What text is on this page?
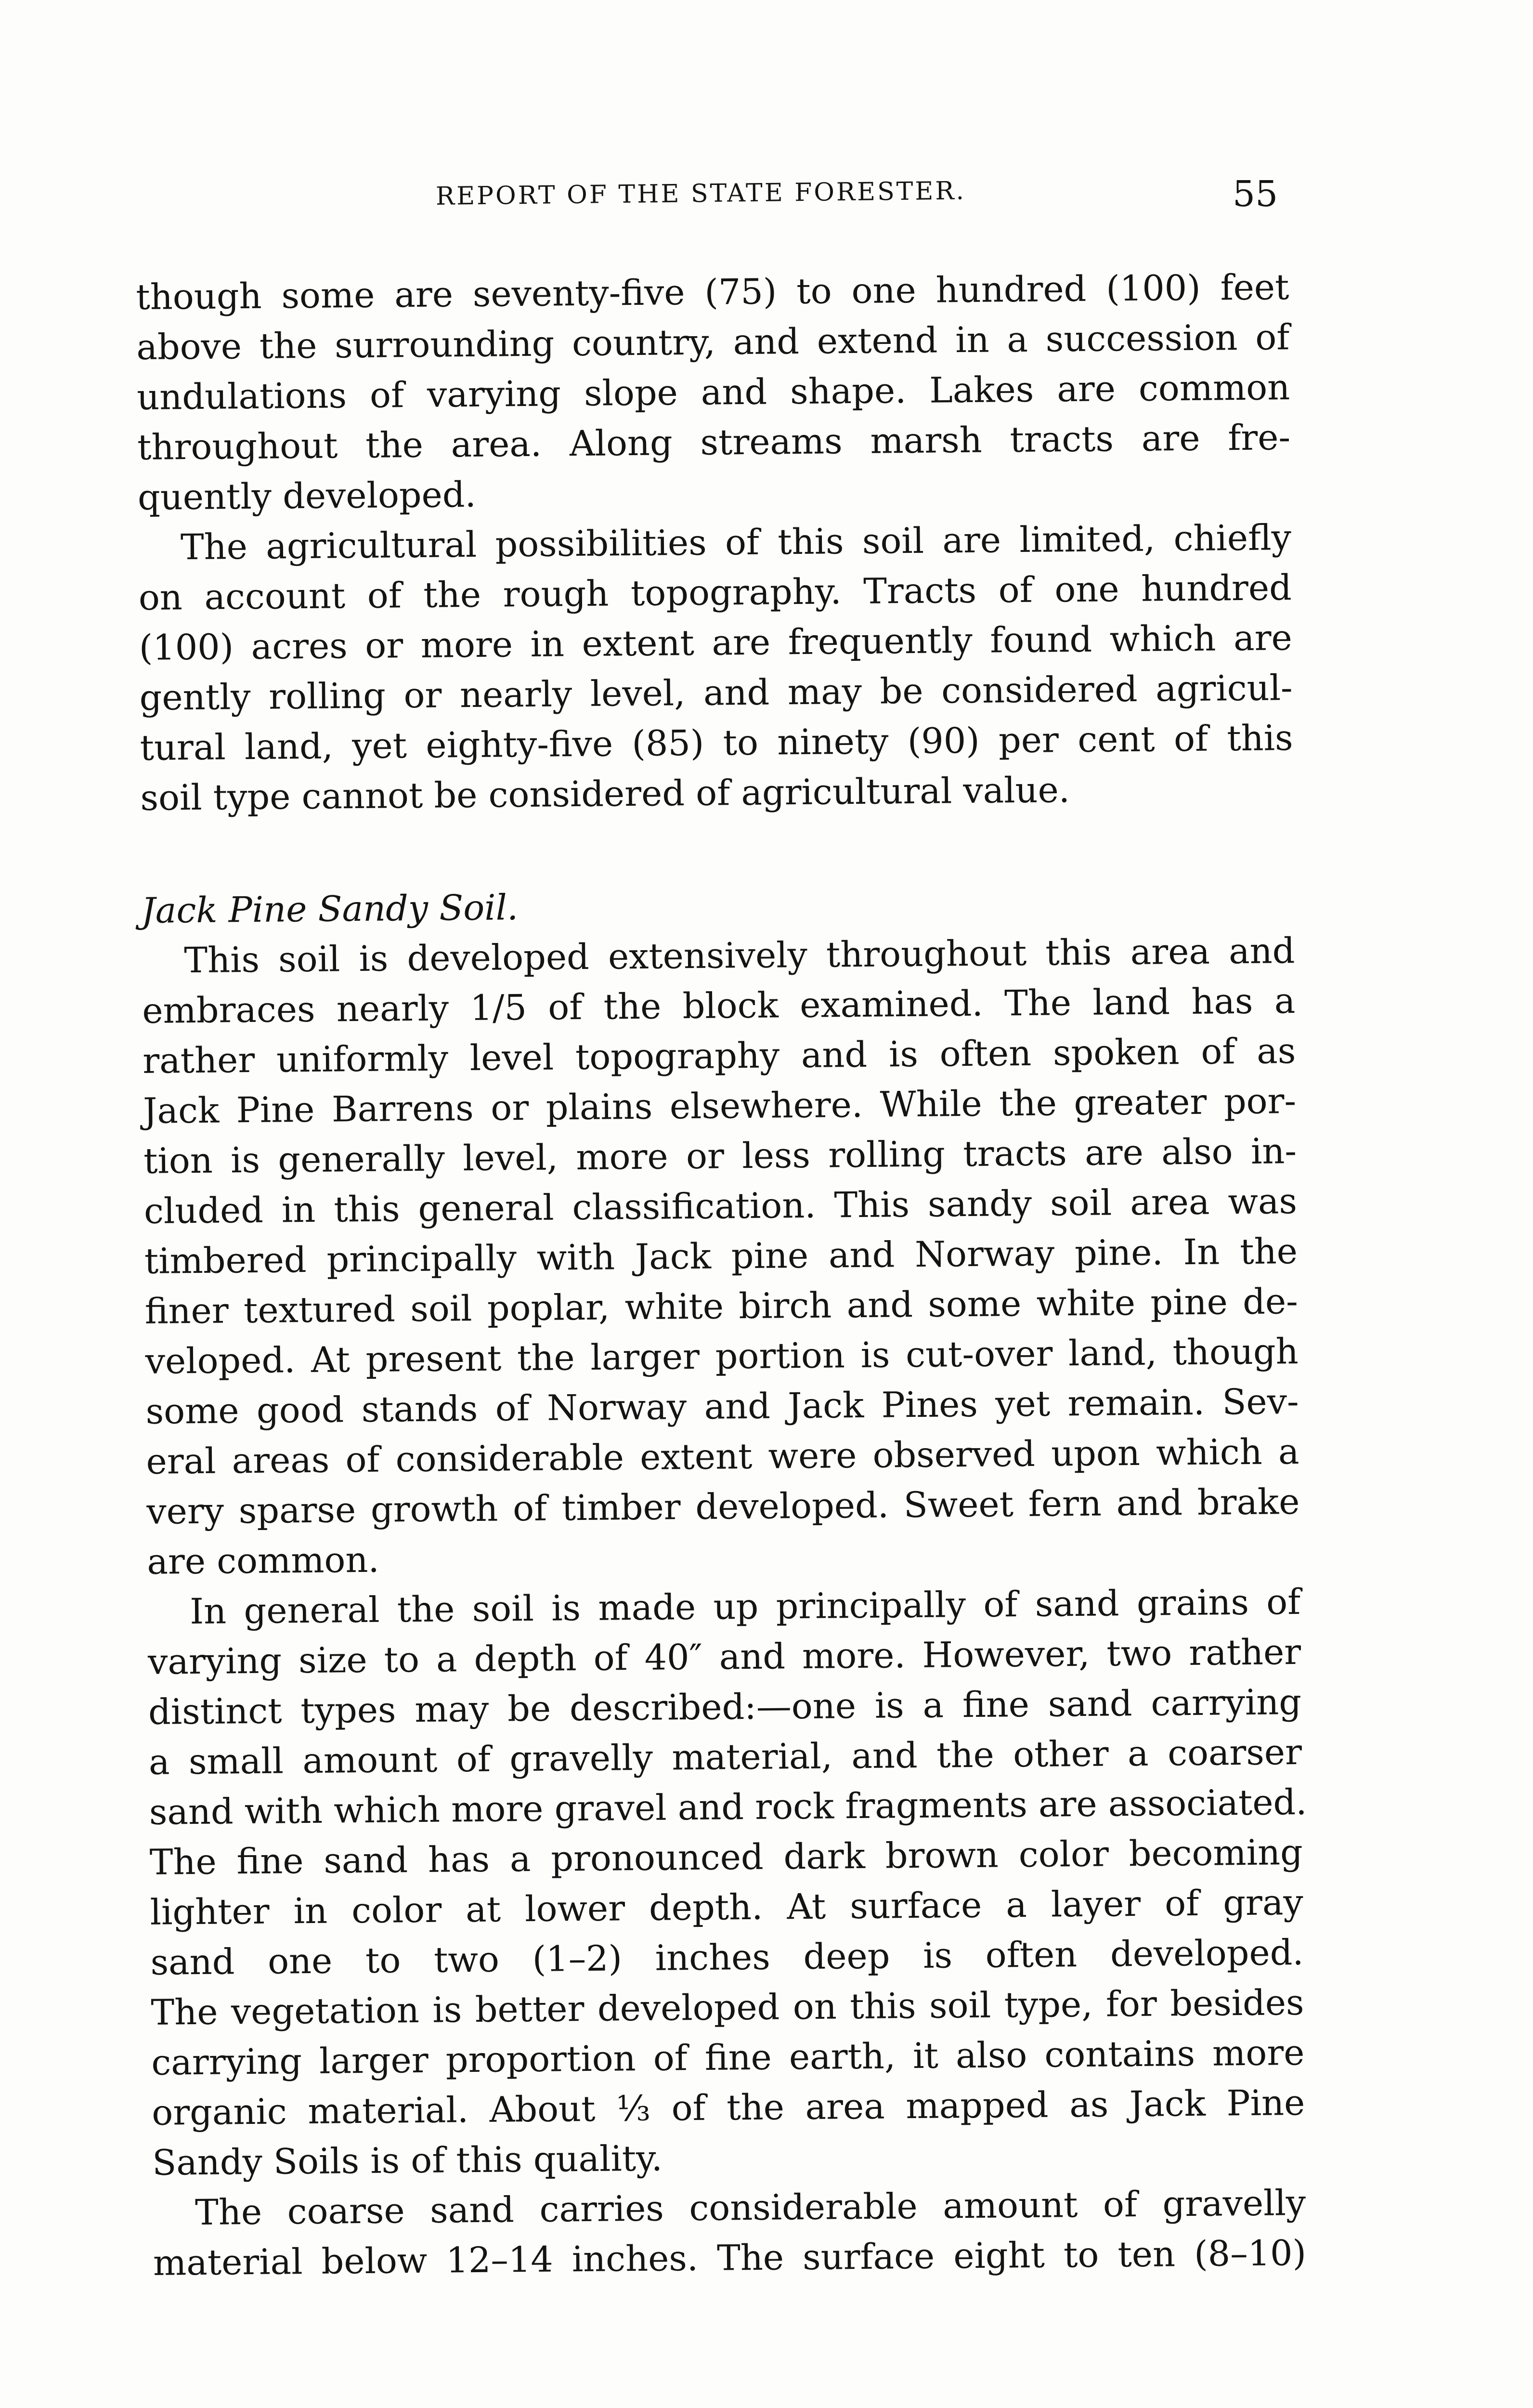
REPORT OF THE STATE FORESTER.	55
though some are seventy-five (75) to one hundred (100) feet
above the surrounding country, and extend in a succession of
undulations of varying slope and shape. Lakes are common
throughout the area. Along streams marsh tracts are fre-
quently developed.
The agricultural possibilities of this soil are limited, chiefly
on account of the rough topography. Tracts of one hundred
(100) acres or more in extent are frequently found which are
gently rolling or nearly level, and may be considered agricul-
tural land, yet eighty-five (85) to ninety (90) per cent of this
soil type cannot be considered of agricultural value.
Jack Pine Sandy Soil.
This soil is developed extensively throughout this area and
embraces nearly 1/5 of the block examined. The land has a
rather uniformly level topography and is often spoken of as
Jack Pine Barrens or plains elsewhere. While the greater por-
tion is generally level, more or less rolling tracts are also in-
cluded in this general classification. This sandy soil area was
timbered principally with Jack pine and Norway pine. In the
finer textured soil poplar, white birch and some white pine de-
veloped. At present the larger portion is cut-over land, though
some good stands of Norway and Jack Pines yet remain. Sev-
eral areas of considerable extent were observed upon which a
very sparse growth of timber developed. Sweet fern and brake
are common.
In general the soil is made up principally of sand grains of
varying size to a depth of 40″ and more. However, two rather
distinct types may be described:—one is a fine sand carrying
a small amount of gravelly material, and the other a coarser
sand with which more gravel and rock fragments are associated.
The fine sand has a pronounced dark brown color becoming
lighter in color at lower depth. At surface a layer of gray
sand one to two (1–2) inches deep is often developed.
The vegetation is better developed on this soil type, for besides
carrying larger proportion of fine earth, it also contains more
organic material. About ⅓ of the area mapped as Jack Pine
Sandy Soils is of this quality.
The coarse sand carries considerable amount of gravelly
material below 12–14 inches. The surface eight to ten (8–10)
